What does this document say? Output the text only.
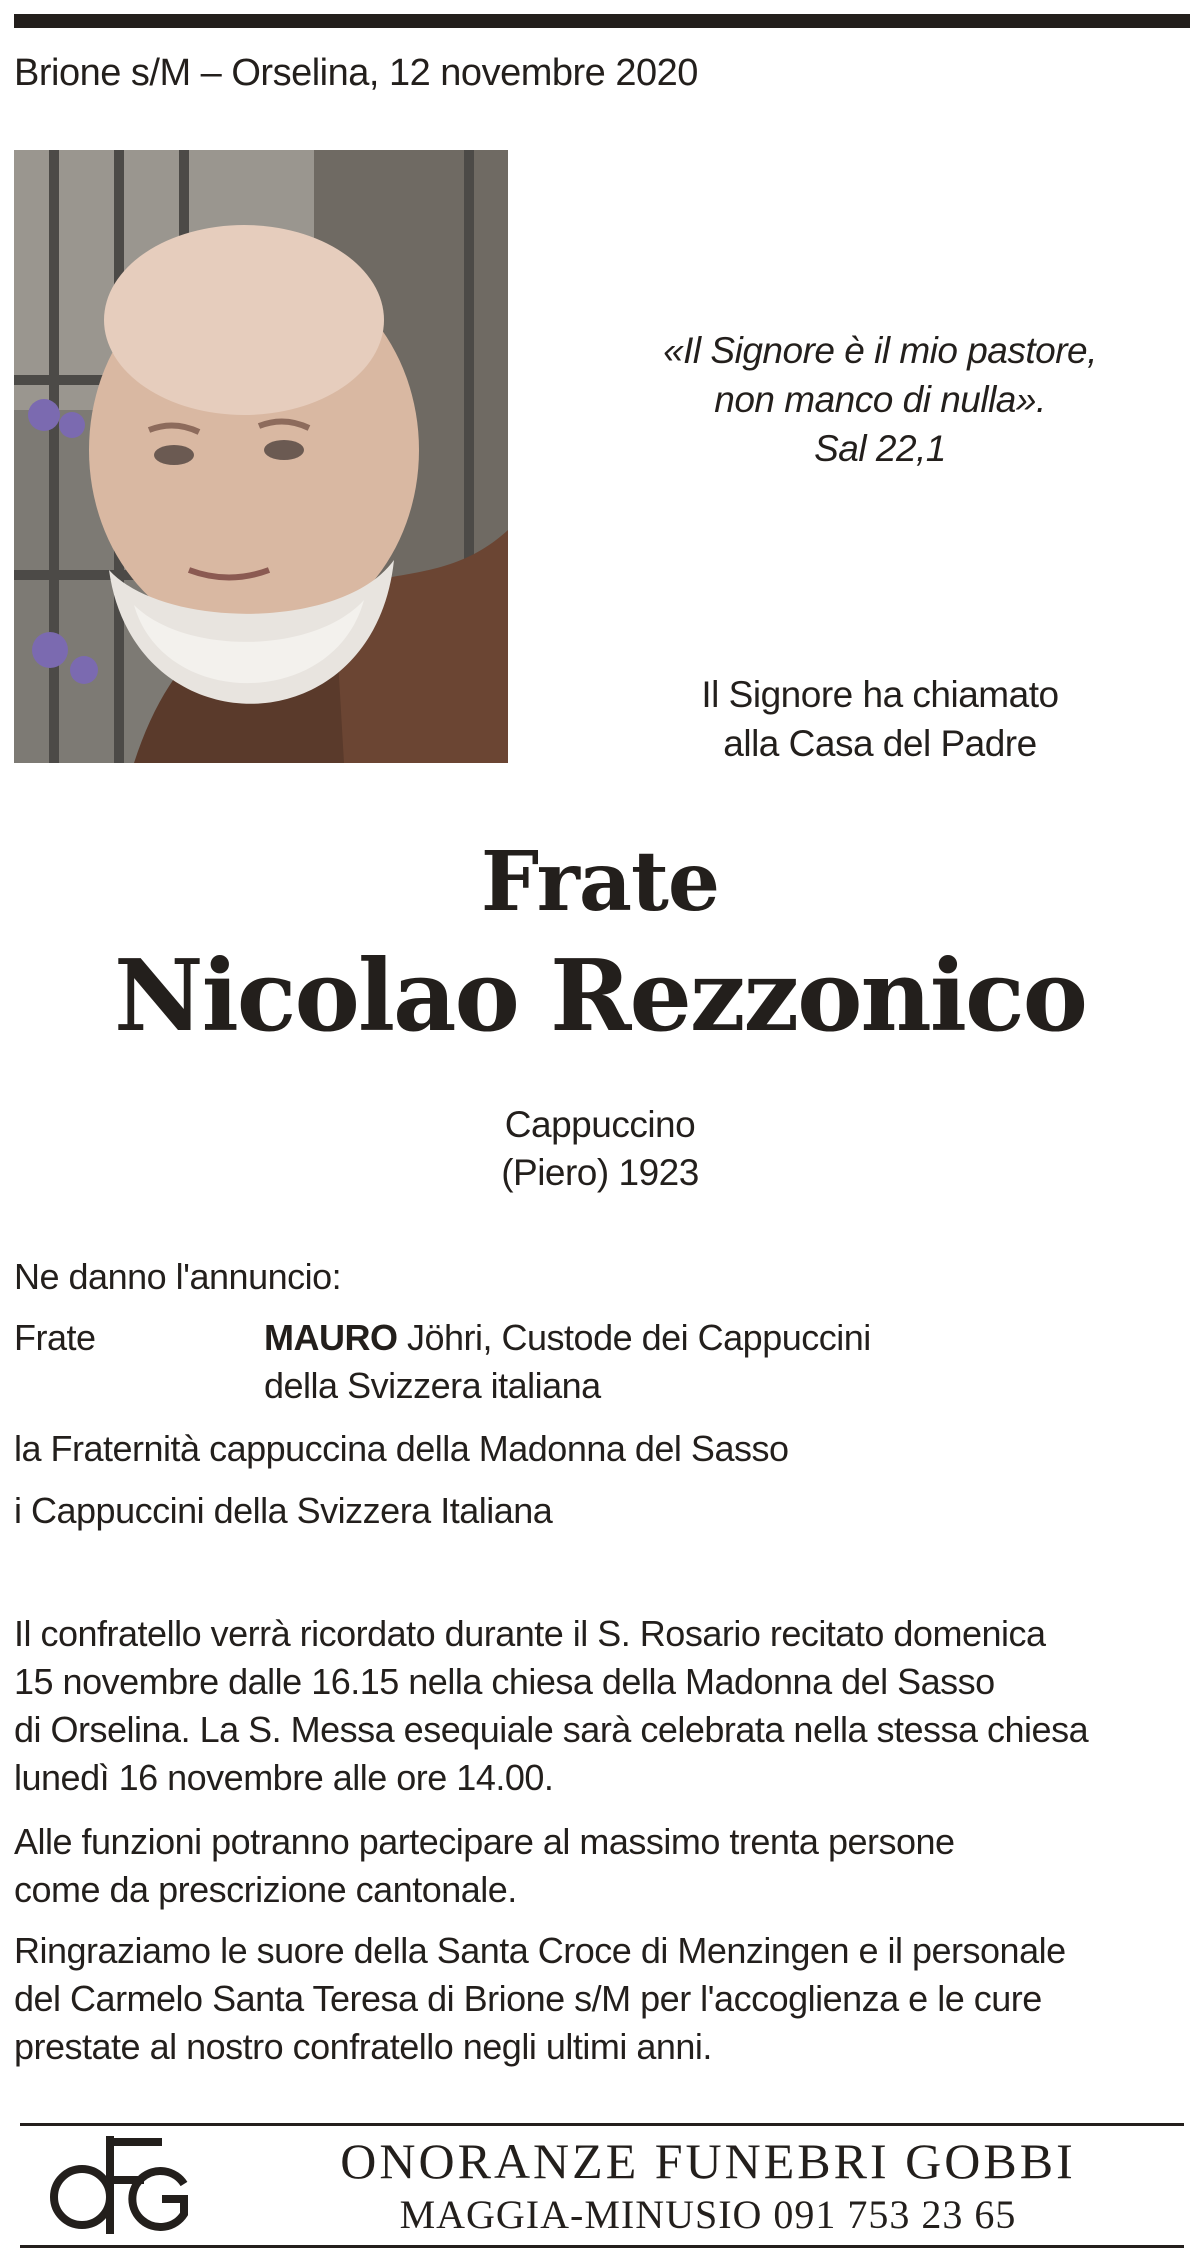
Brione s/M – Orselina, 12 novembre 2020
«Il Signore è il mio pastore,
non manco di nulla».
Sal 22,1
Il Signore ha chiamato
alla Casa del Padre
Frate
Nicolao Rezzonico
Cappuccino
(Piero) 1923
Ne danno l'annuncio:
Frate	MAURO Jöhri, Custode dei Cappuccini
della Svizzera italiana
la Fraternità cappuccina della Madonna del Sasso
i Cappuccini della Svizzera Italiana
Il confratello verrà ricordato durante il S. Rosario recitato domenica
15 novembre dalle 16.15 nella chiesa della Madonna del Sasso
di Orselina. La S. Messa esequiale sarà celebrata nella stessa chiesa
lunedì 16 novembre alle ore 14.00.
Alle funzioni potranno partecipare al massimo trenta persone
come da prescrizione cantonale.
Ringraziamo le suore della Santa Croce di Menzingen e il personale
del Carmelo Santa Teresa di Brione s/M per l'accoglienza e le cure
prestate al nostro confratello negli ultimi anni.
ONORANZE FUNEBRI GOBBI
MAGGIA-MINUSIO 091 753 23 65
